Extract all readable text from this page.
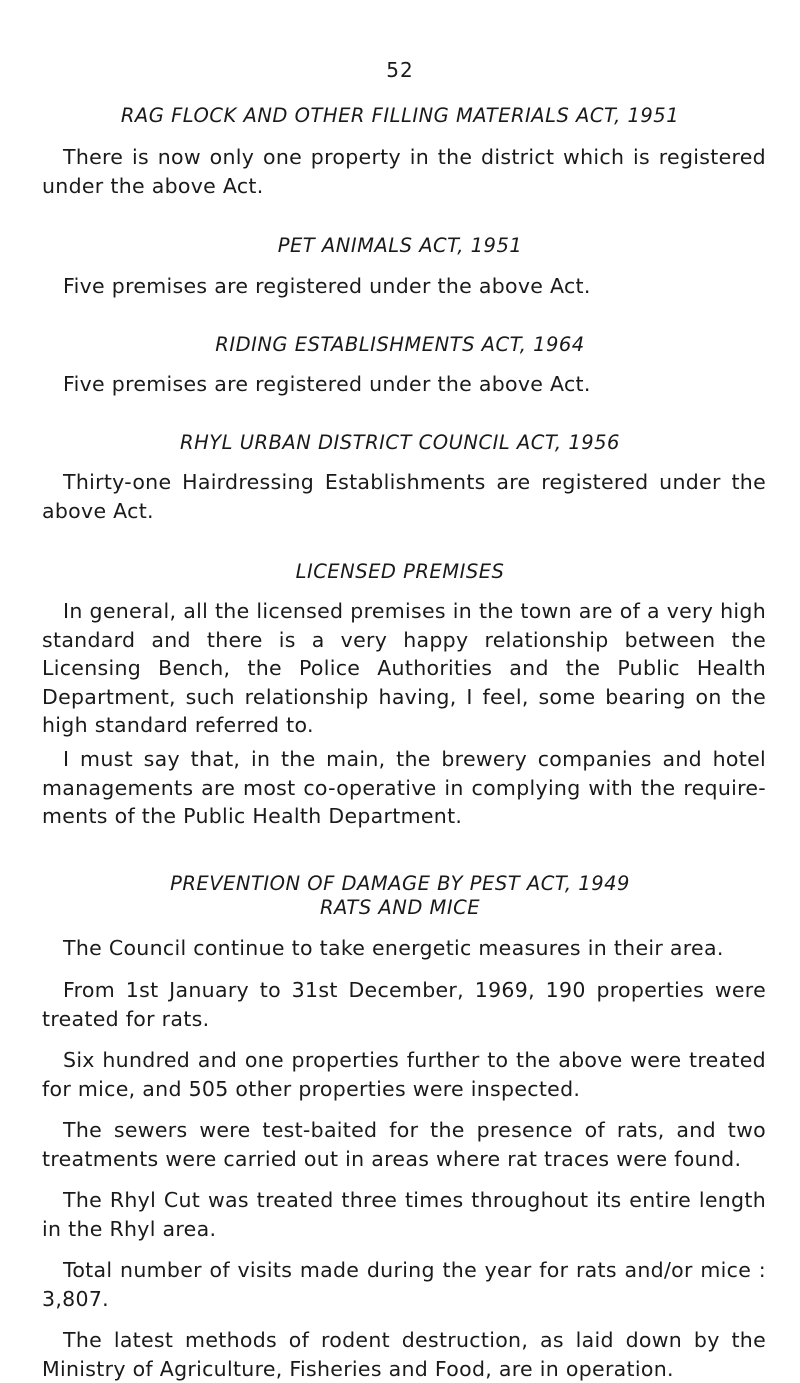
52
RAG FLOCK AND OTHER FILLING MATERIALS ACT, 1951

There is now only one property in the district which is registered under the above Act.

PET ANIMALS ACT, 1951

Five premises are registered under the above Act.

RIDING ESTABLISHMENTS ACT, 1964

Five premises are registered under the above Act.

RHYL URBAN DISTRICT COUNCIL ACT, 1956

Thirty-one Hairdressing Establishments are registered under the above Act.

LICENSED PREMISES

In general, all the licensed premises in the town are of a very high standard and there is a very happy relationship between the Licensing Bench, the Police Authorities and the Public Health Department, such relationship having, I feel, some bearing on the high standard referred to.

I must say that, in the main, the brewery companies and hotel managements are most co-operative in complying with the require- ments of the Public Health Department.

PREVENTION OF DAMAGE BY PEST ACT, 1949
RATS AND MICE

The Council continue to take energetic measures in their area.

From 1st January to 31st December, 1969, 190 properties were treated for rats.

Six hundred and one properties further to the above were treated for mice, and 505 other properties were inspected.

The sewers were test-baited for the presence of rats, and two treatments were carried out in areas where rat traces were found.

The Rhyl Cut was treated three times throughout its entire length in the Rhyl area.

Total number of visits made during the year for rats and/or mice : 3,807.

The latest methods of rodent destruction, as laid down by the Ministry of Agriculture, Fisheries and Food, are in operation.
